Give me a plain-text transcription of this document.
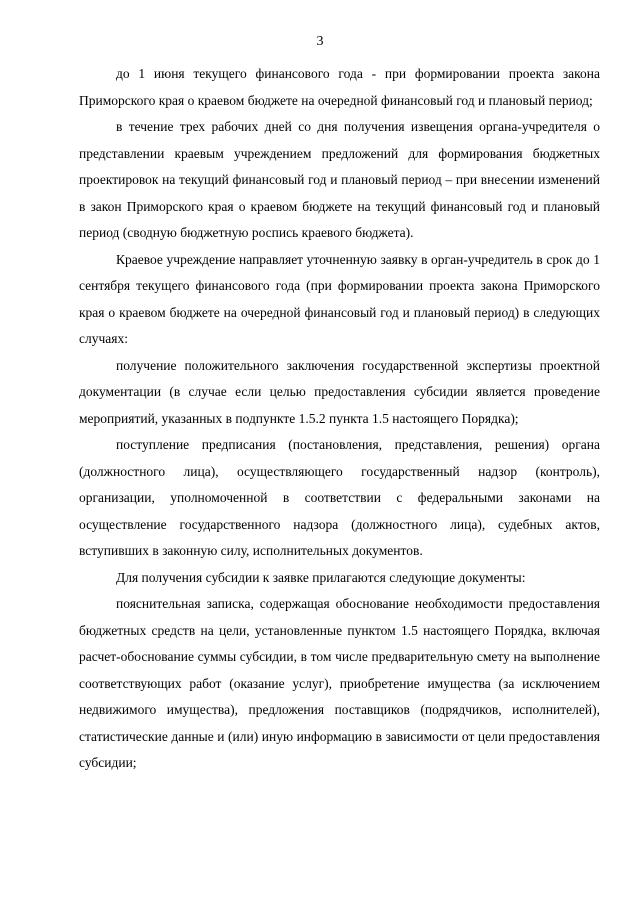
3

до 1 июня текущего финансового года - при формировании проекта закона Приморского края о краевом бюджете на очередной финансовый год и плановый период;

в течение трех рабочих дней со дня получения извещения органа-учредителя о представлении краевым учреждением предложений для формирования бюджетных проектировок на текущий финансовый год и плановый период – при внесении изменений в закон Приморского края о краевом бюджете на текущий финансовый год и плановый период (сводную бюджетную роспись краевого бюджета).

Краевое учреждение направляет уточненную заявку в орган-учредитель в срок до 1 сентября текущего финансового года (при формировании проекта закона Приморского края о краевом бюджете на очередной финансовый год и плановый период) в следующих случаях:

получение положительного заключения государственной экспертизы проектной документации (в случае если целью предоставления субсидии является проведение мероприятий, указанных в подпункте 1.5.2 пункта 1.5 настоящего Порядка);

поступление предписания (постановления, представления, решения) органа (должностного лица), осуществляющего государственный надзор (контроль), организации, уполномоченной в соответствии с федеральными законами на осуществление государственного надзора (должностного лица), судебных актов, вступивших в законную силу, исполнительных документов.

Для получения субсидии к заявке прилагаются следующие документы:

пояснительная записка, содержащая обоснование необходимости предоставления бюджетных средств на цели, установленные пунктом 1.5 настоящего Порядка, включая расчет-обоснование суммы субсидии, в том числе предварительную смету на выполнение соответствующих работ (оказание услуг), приобретение имущества (за исключением недвижимого имущества), предложения поставщиков (подрядчиков, исполнителей), статистические данные и (или) иную информацию в зависимости от цели предоставления субсидии;
